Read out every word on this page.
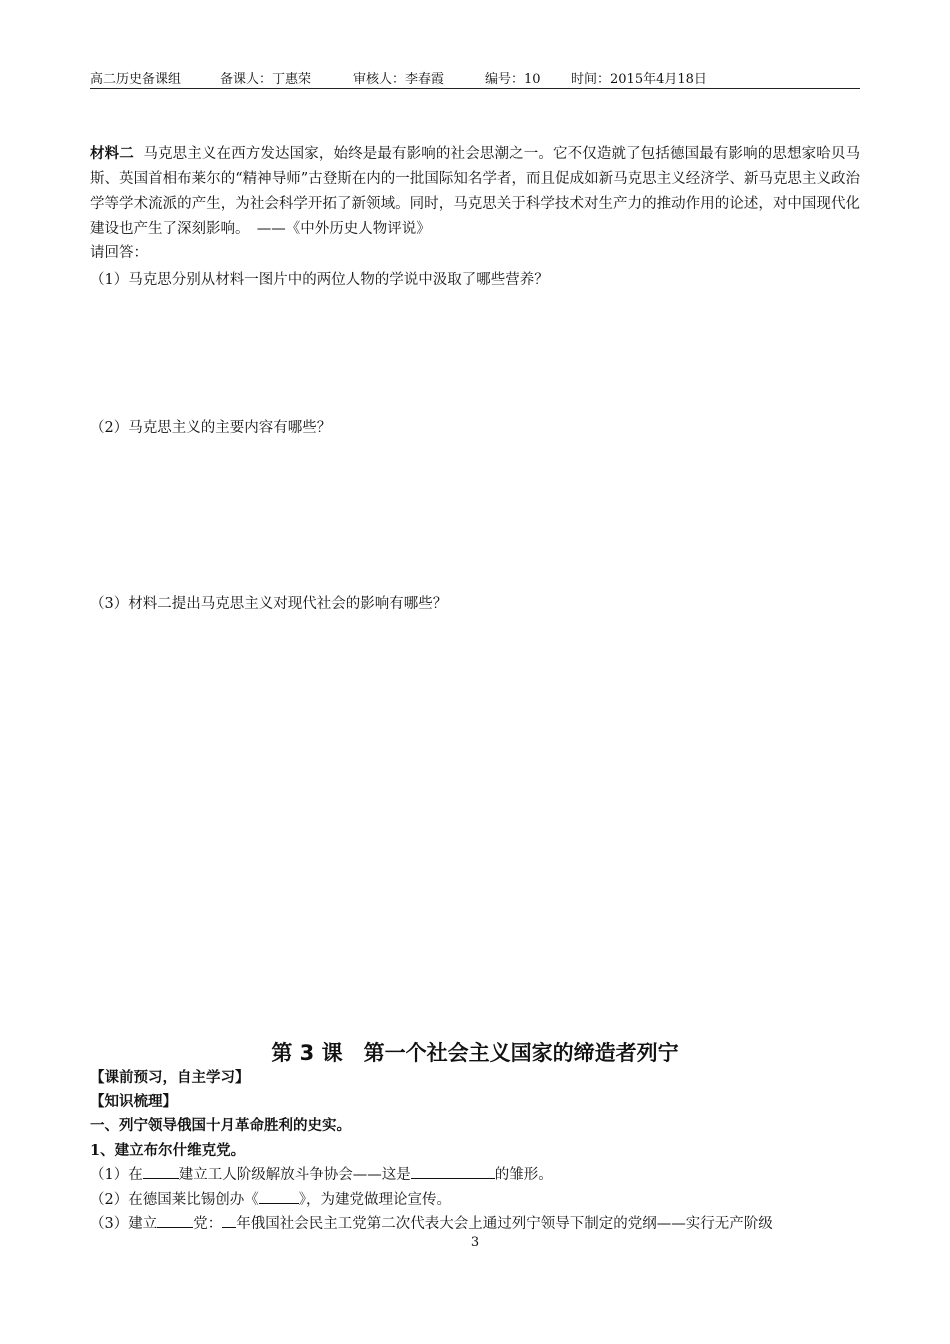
高二历史备课组	备课人：丁惠荣	审核人：李春霞	编号：10 时间：2015年4月18日

材料二 马克思主义在西方发达国家，始终是最有影响的社会思潮之一。它不仅造就了包括德国最有影响的思想家哈贝马斯、英国首相布莱尔的“精神导师”古登斯在内的一批国际知名学者，而且促成如新马克思主义经济学、新马克思主义政治学等学术流派的产生，为社会科学开拓了新领域。同时，马克思关于科学技术对生产力的推动作用的论述，对中国现代化建设也产生了深刻影响。　——《中外历史人物评说》

请回答：

（1）马克思分别从材料一图片中的两位人物的学说中汲取了哪些营养？

（2）马克思主义的主要内容有哪些？

（3）材料二提出马克思主义对现代社会的影响有哪些？

第 3 课　第一个社会主义国家的缔造者列宁

【课前预习，自主学习】

【知识梳理】

一、列宁领导俄国十月革命胜利的史实。

1、建立布尔什维克党。

（1）在 建立工人阶级解放斗争协会——这是	的雏形。

（2）在德国莱比锡创办《	》，为建党做理论宣传。

（3）建立 党： 年俄国社会民主工党第二次代表大会上通过列宁领导下制定的党纲——实行无产阶级

3
